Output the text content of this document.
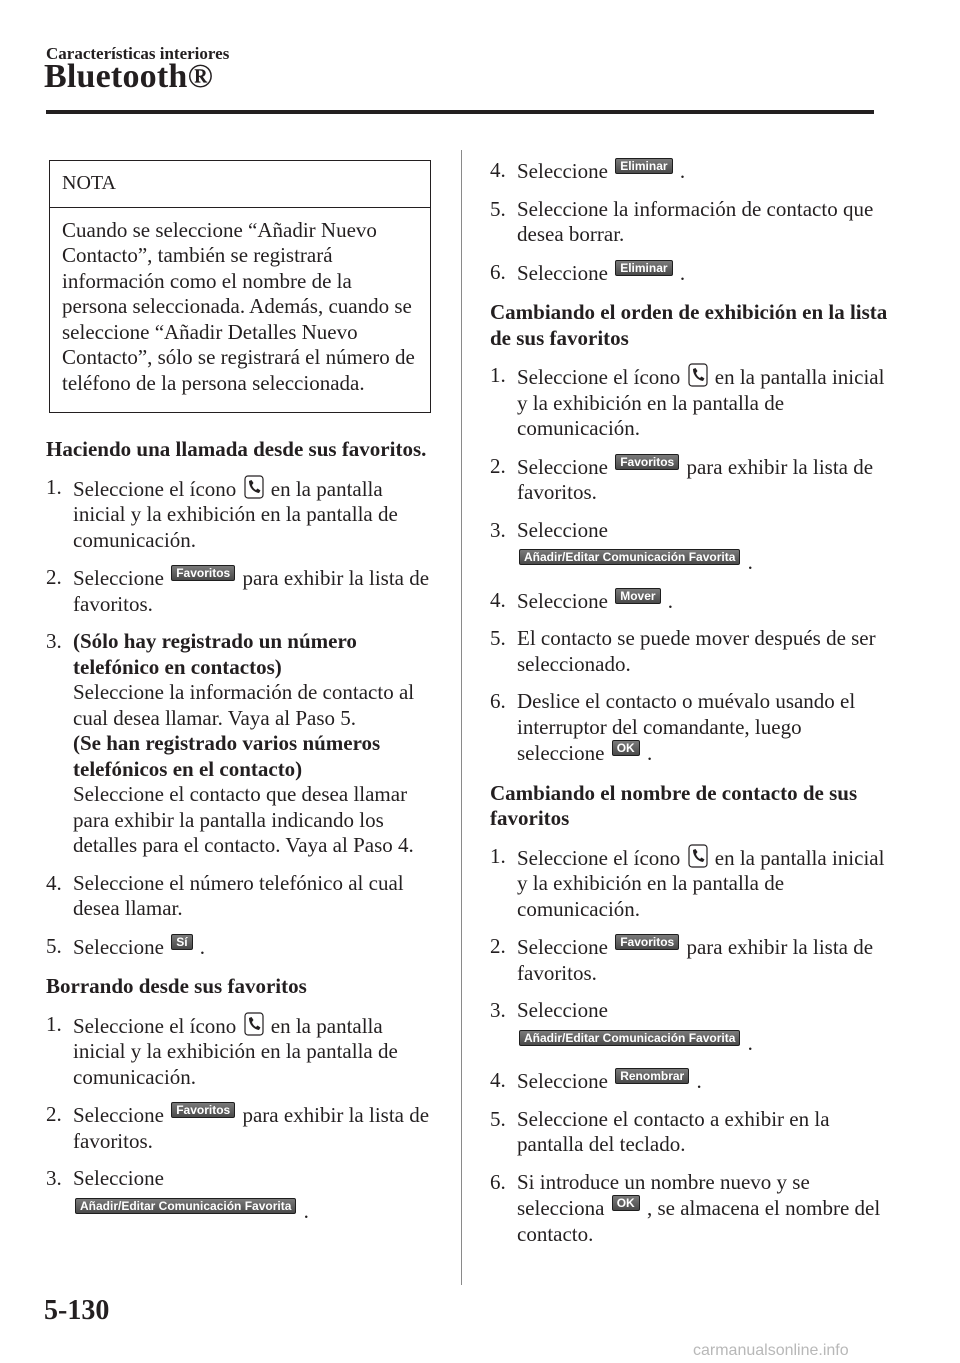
Características interiores
Bluetooth®
NOTA
Cuando se seleccione “Añadir Nuevo Contacto”, también se registrará información como el nombre de la persona seleccionada. Además, cuando se seleccione “Añadir Detalles Nuevo Contacto”, sólo se registrará el número de teléfono de la persona seleccionada.
Haciendo una llamada desde sus favoritos.
1. Seleccione el ícono en la pantalla inicial y la exhibición en la pantalla de comunicación.
2. Seleccione Favoritos para exhibir la lista de favoritos.
3. (Sólo hay registrado un número telefónico en contactos)
Seleccione la información de contacto al cual desea llamar. Vaya al Paso 5.
(Se han registrado varios números telefónicos en el contacto)
Seleccione el contacto que desea llamar para exhibir la pantalla indicando los detalles para el contacto. Vaya al Paso 4.
4. Seleccione el número telefónico al cual desea llamar.
5. Seleccione Sí .
Borrando desde sus favoritos
1. Seleccione el ícono en la pantalla inicial y la exhibición en la pantalla de comunicación.
2. Seleccione Favoritos para exhibir la lista de favoritos.
3. Seleccione
Añadir/Editar Comunicación Favorita .
4. Seleccione Eliminar .
5. Seleccione la información de contacto que desea borrar.
6. Seleccione Eliminar .
Cambiando el orden de exhibición en la lista de sus favoritos
1. Seleccione el ícono en la pantalla inicial y la exhibición en la pantalla de comunicación.
2. Seleccione Favoritos para exhibir la lista de favoritos.
3. Seleccione
Añadir/Editar Comunicación Favorita .
4. Seleccione Mover .
5. El contacto se puede mover después de ser seleccionado.
6. Deslice el contacto o muévalo usando el interruptor del comandante, luego seleccione OK .
Cambiando el nombre de contacto de sus favoritos
1. Seleccione el ícono en la pantalla inicial y la exhibición en la pantalla de comunicación.
2. Seleccione Favoritos para exhibir la lista de favoritos.
3. Seleccione
Añadir/Editar Comunicación Favorita .
4. Seleccione Renombrar .
5. Seleccione el contacto a exhibir en la pantalla del teclado.
6. Si introduce un nombre nuevo y se selecciona OK , se almacena el nombre del contacto.
5-130
carmanualsonline.info
